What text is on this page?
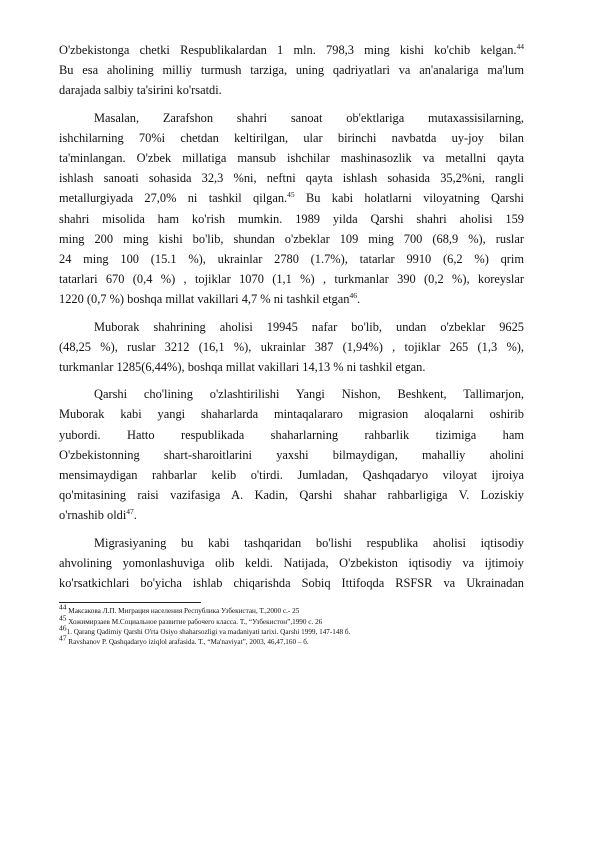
O'zbekistonga chetki Respublikalardan 1 mln. 798,3 ming kishi ko'chib kelgan.$^{44}$

Bu esa aholining milliy turmush tarziga, uning qadriyatlari va an'analariga ma'lum

darajada salbiy ta'sirini ko'rsatdi.

Masalan, Zarafshon shahri sanoat ob'ektlariga mutaxassisilarning,

ishchilarning 70%i chetdan keltirilgan, ular birinchi navbatda uy-joy bilan

ta'minlangan. O'zbek millatiga mansub ishchilar mashinasozlik va metallni qayta

ishlash sanoati sohasida 32,3 %ni, neftni qayta ishlash sohasida 35,2%ni, rangli

metallurgiyada 27,0% ni tashkil qilgan.$^{45}$ Bu kabi holatlarni viloyatning Qarshi

shahri misolida ham ko'rish mumkin. 1989 yilda Qarshi shahri aholisi 159

ming 200 ming kishi bo'lib, shundan o'zbeklar 109 ming 700 (68,9 %), ruslar

24 ming 100 (15.1 %), ukrainlar 2780 (1.7%), tatarlar 9910 (6,2 %) qrim

tatarlari 670 (0,4 %) , tojiklar 1070 (1,1 %) , turkmanlar 390 (0,2 %), koreyslar

1220 (0,7 %) boshqa millat vakillari 4,7 % ni tashkil etgan$^{46}$.

Muborak shahrining aholisi 19945 nafar bo'lib, undan o'zbeklar 9625

(48,25 %), ruslar 3212 (16,1 %), ukrainlar 387 (1,94%) , tojiklar 265 (1,3 %),

turkmanlar 1285(6,44%), boshqa millat vakillari 14,13 % ni tashkil etgan.

Qarshi cho'lining o'zlashtirilishi Yangi Nishon, Beshkent, Tallimarjon,

Muborak kabi yangi shaharlarda mintaqalararo migrasion aloqalarni oshirib

yubordi. Hatto respublikada shaharlarning rahbarlik tizimiga ham

O'zbekistonning shart-sharoitlarini yaxshi bilmaydigan, mahalliy aholini

mensimaydigan rahbarlar kelib o'tirdi. Jumladan, Qashqadaryo viloyat ijroiya

qo'mitasining raisi vazifasiga A. Kadin, Qarshi shahar rahbarligiga V. Loziskiy

o'rnashib oldi$^{47}$.

Migrasiyaning bu kabi tashqaridan bo'lishi respublika aholisi iqtisodiy

ahvolining yomonlashuviga olib keldi. Natijada, O'zbekiston iqtisodiy va ijtimoiy

ko'rsatkichlari bo'yicha ishlab chiqarishda Sobiq Ittifoqda RSFSR va Ukrainadan

$^{44}$ Максакова Л.П. Миграция населения Республика Узбекистан, Т.,2000 с.- 25

$^{45}$ Хожимирзаев М.Социальное развитие рабочего класса. Т., “Узбекистон”,1990 с. 26

$^{46}$1. Qarang Qadimiy Qarshi O'rta Osiyo shaharsozligi va madaniyati tarixi. Qarshi 1999, 147-148 б.

$^{47}$ Ravshanov P. Qashqadaryo iziqlol arafasida. T., “Ma'naviyat”, 2003, 46,47,160 – б.
